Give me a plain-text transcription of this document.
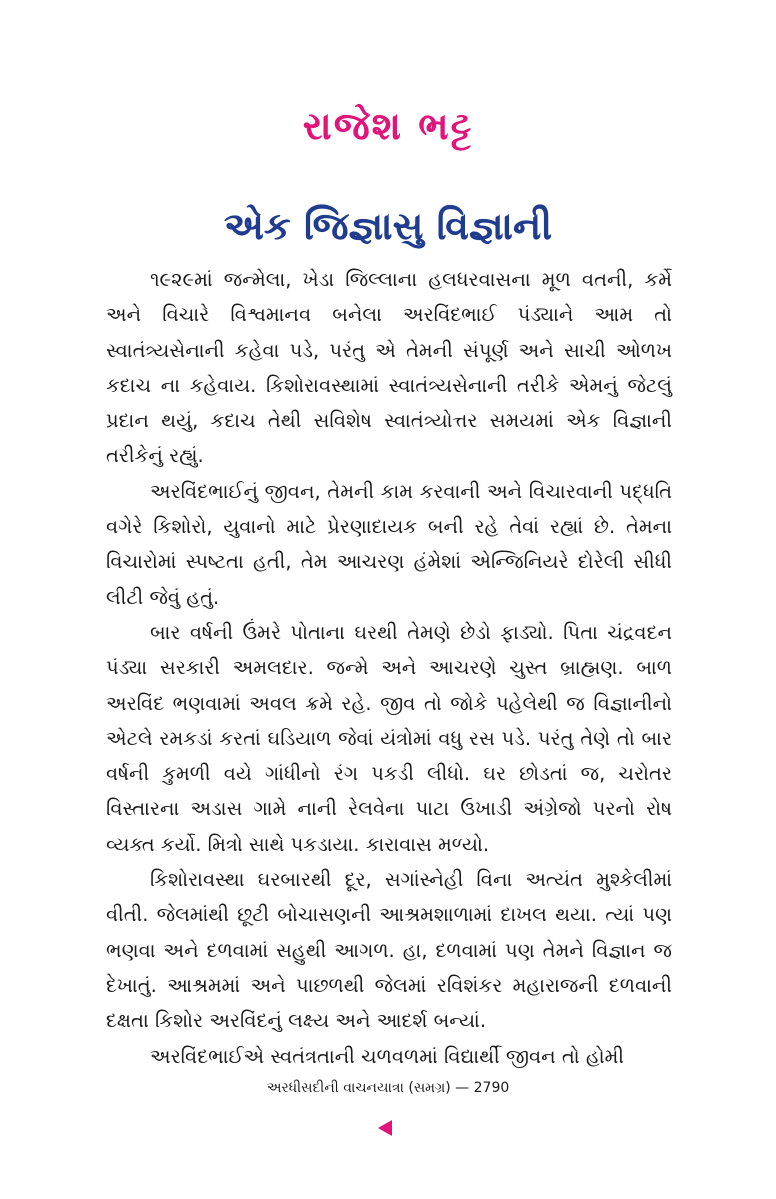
રાજેશ ભટ્ટ
એક જિજ્ઞાસુ વિજ્ઞાની

૧૯૨૯માં જન્મેલા, ખેડા જિલ્લાના હલધરવાસના મૂળ વતની, કર્મે અને વિચારે વિશ્વમાનવ બનેલા અરવિંદભાઈ પંડ્યાને આમ તો સ્વાતંત્ર્યસેનાની કહેવા પડે, પરંતુ એ તેમની સંપૂર્ણ અને સાચી ઓળખ કદાચ ના કહેવાય. કિશોરાવસ્થામાં સ્વાતંત્ર્યસેનાની તરીકે એમનું જેટલું પ્રદાન થયું, કદાચ તેથી સવિશેષ સ્વાતંત્ર્યોત્તર સમયમાં એક વિજ્ઞાની તરીકેનું રહ્યું.

અરવિંદભાઈનું જીવન, તેમની કામ કરવાની અને વિચારવાની પદ્ધતિ વગેરે કિશોરો, યુવાનો માટે પ્રેરણાદાયક બની રહે તેવાં રહ્યાં છે. તેમના વિચારોમાં સ્પષ્ટતા હતી, તેમ આચરણ હંમેશાં એન્જિનિયરે દોરેલી સીધી લીટી જેવું હતું.

બાર વર્ષની ઉંમરે પોતાના ઘરથી તેમણે છેડો ફાડ્યો. પિતા ચંદ્રવદન પંડ્યા સરકારી અમલદાર. જન્મે અને આચરણે ચુસ્ત બ્રાહ્મણ. બાળ અરવિંદ ભણવામાં અવલ ક્રમે રહે. જીવ તો જોકે પહેલેથી જ વિજ્ઞાનીનો એટલે રમકડાં કરતાં ઘડિયાળ જેવાં યંત્રોમાં વધુ રસ પડે. પરંતુ તેણે તો બાર વર્ષની કુમળી વયે ગાંધીનો રંગ પકડી લીધો. ઘર છોડતાં જ, ચરોતર વિસ્તારના અડાસ ગામે નાની રેલવેના પાટા ઉખાડી અંગ્રેજો પરનો રોષ વ્યક્ત કર્યો. મિત્રો સાથે પકડાયા. કારાવાસ મળ્યો.

કિશોરાવસ્થા ઘરબારથી દૂર, સગાંસ્નેહી વિના અત્યંત મુશ્કેલીમાં વીતી. જેલમાંથી છૂટી બોચાસણની આશ્રમશાળામાં દાખલ થયા. ત્યાં પણ ભણવા અને દળવામાં સહુથી આગળ. હા, દળવામાં પણ તેમને વિજ્ઞાન જ દેખાતું. આશ્રમમાં અને પાછળથી જેલમાં રવિશંકર મહારાજની દળવાની દક્ષતા કિશોર અરવિંદનું લક્ષ્ય અને આદર્શ બન્યાં.

અરવિંદભાઈએ સ્વતંત્રતાની ચળવળમાં વિદ્યાર્થી જીવન તો હોમી

અરધીસદીની વાચનયાત્રા (સમગ્ર) — 2790
